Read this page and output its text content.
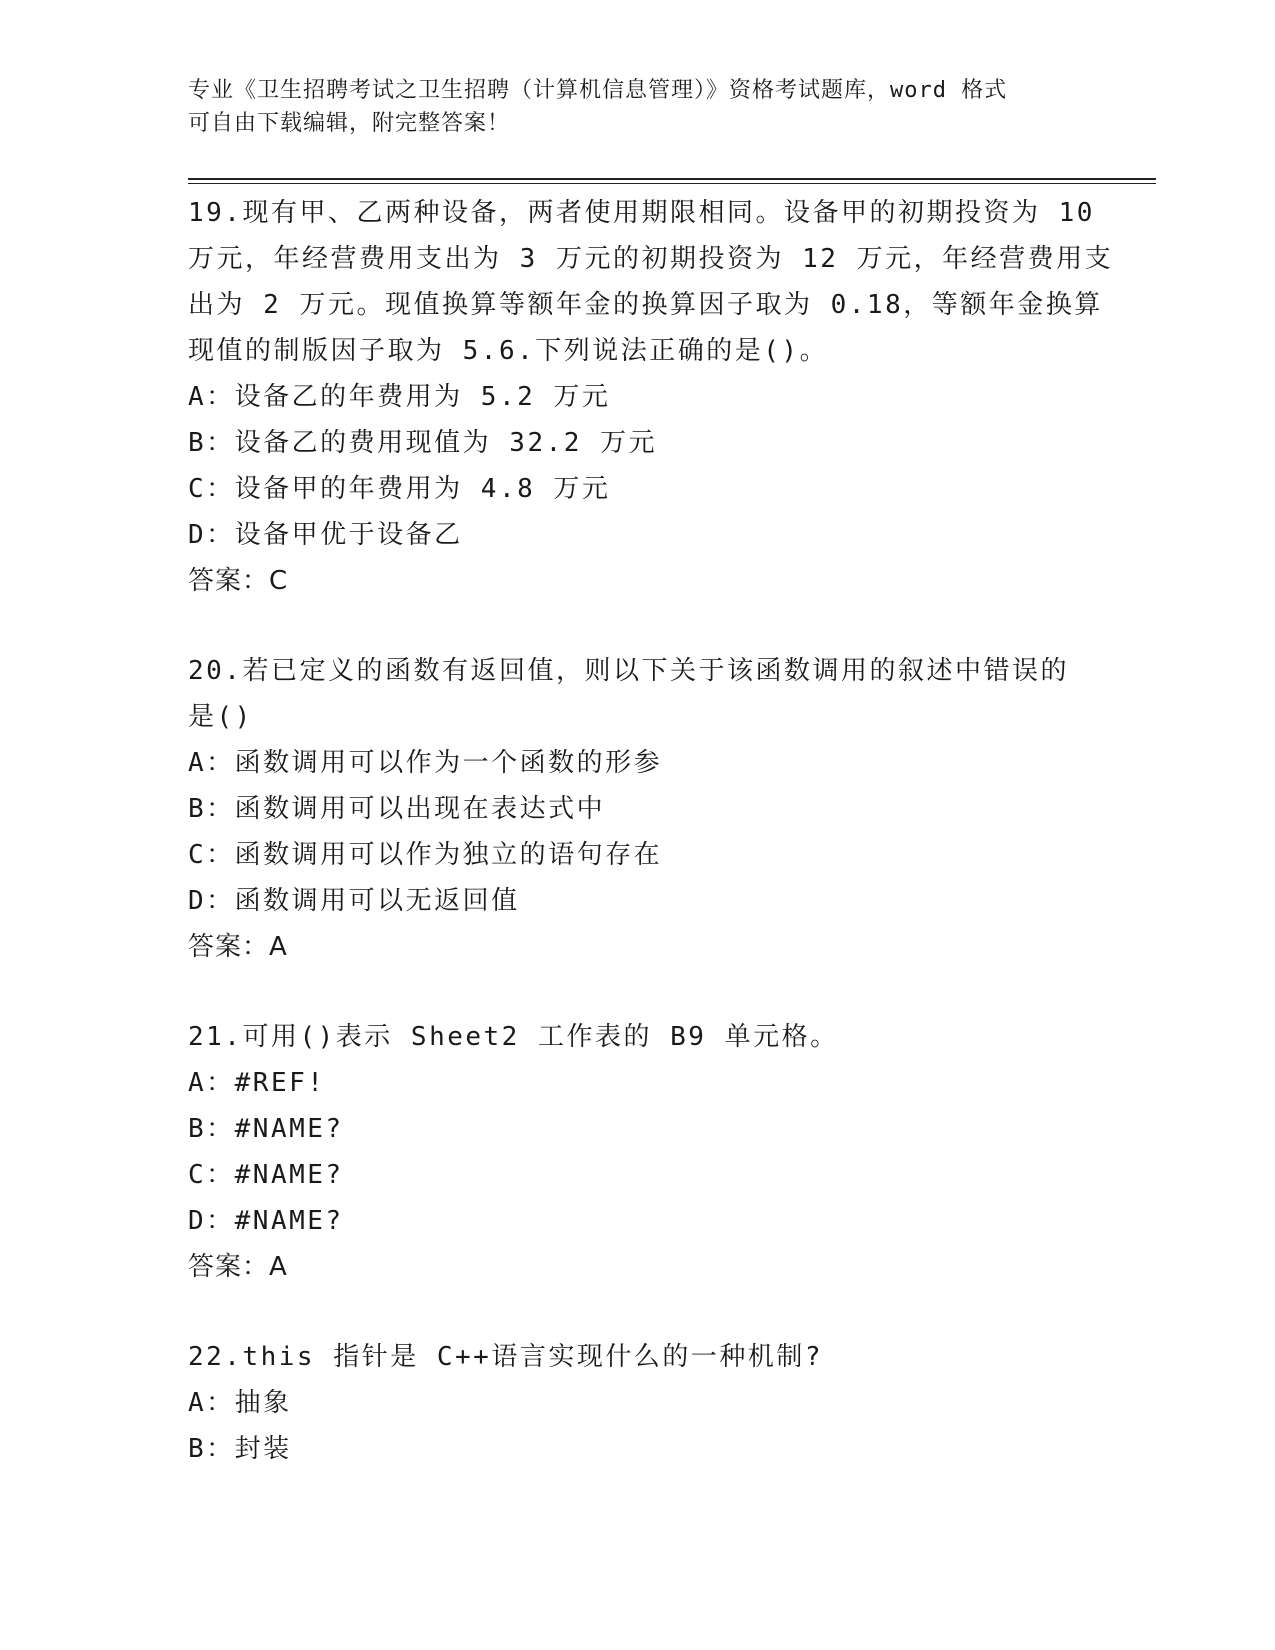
专业《卫生招聘考试之卫生招聘（计算机信息管理）》资格考试题库，word 格式
可自由下载编辑，附完整答案！
19.现有甲、乙两种设备，两者使用期限相同。设备甲的初期投资为 10
万元，年经营费用支出为 3 万元的初期投资为 12 万元，年经营费用支
出为 2 万元。现值换算等额年金的换算因子取为 0.18，等额年金换算
现值的制版因子取为 5.6.下列说法正确的是()。
A：设备乙的年费用为 5.2 万元
B：设备乙的费用现值为 32.2 万元
C：设备甲的年费用为 4.8 万元
D：设备甲优于设备乙
答案：C
20.若已定义的函数有返回值，则以下关于该函数调用的叙述中错误的
是()
A：函数调用可以作为一个函数的形参
B：函数调用可以出现在表达式中
C：函数调用可以作为独立的语句存在
D：函数调用可以无返回值
答案：A
21.可用()表示 Sheet2 工作表的 B9 单元格。
A：#REF!
B：#NAME?
C：#NAME?
D：#NAME?
答案：A
22.this 指针是 C++语言实现什么的一种机制?
A：抽象
B：封装
